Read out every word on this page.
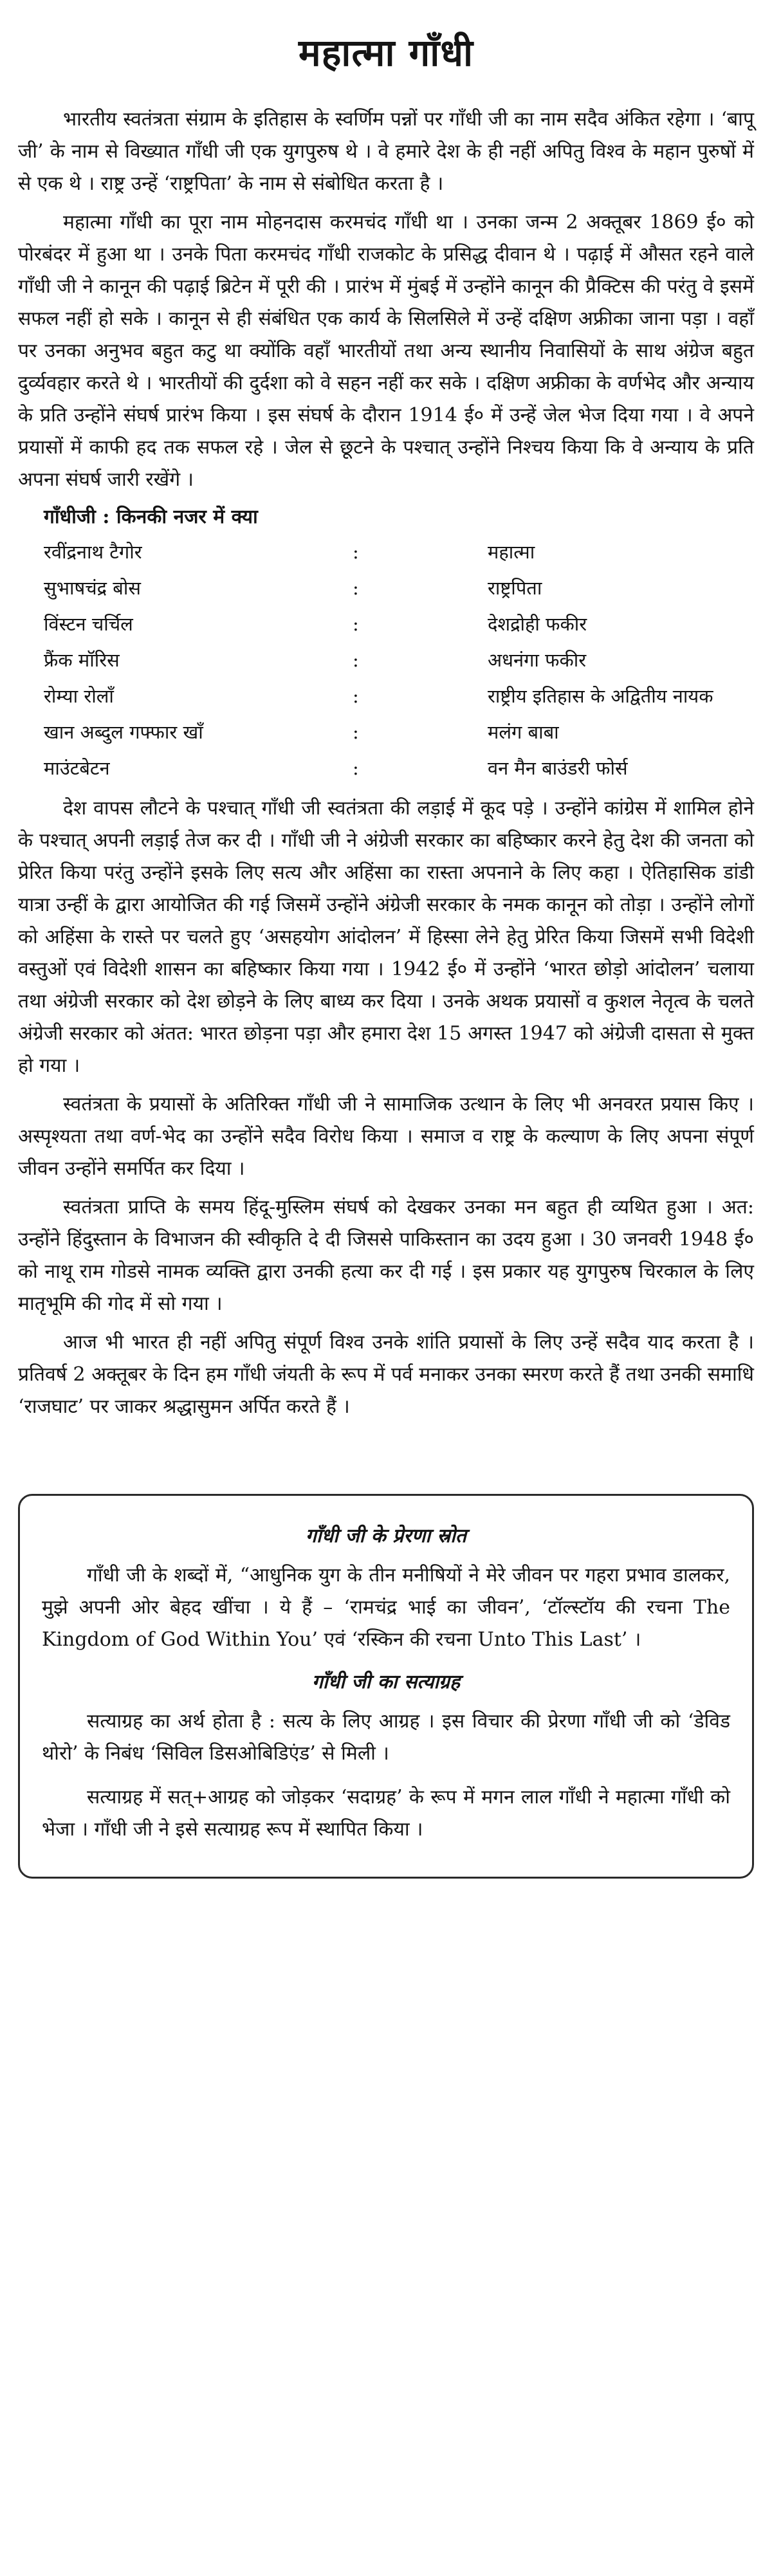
महात्मा गाँधी

भारतीय स्वतंत्रता संग्राम के इतिहास के स्वर्णिम पन्नों पर गाँधी जी का नाम सदैव अंकित रहेगा । ‘बापू जी’ के नाम से विख्यात गाँधी जी एक युगपुरुष थे । वे हमारे देश के ही नहीं अपितु विश्व के महान पुरुषों में से एक थे । राष्ट्र उन्हें ‘राष्ट्रपिता’ के नाम से संबोधित करता है ।

महात्मा गाँधी का पूरा नाम मोहनदास करमचंद गाँधी था । उनका जन्म 2 अक्तूबर 1869 ई० को पोरबंदर में हुआ था । उनके पिता करमचंद गाँधी राजकोट के प्रसिद्ध दीवान थे । पढ़ाई में औसत रहने वाले गाँधी जी ने कानून की पढ़ाई ब्रिटेन में पूरी की । प्रारंभ में मुंबई में उन्होंने कानून की प्रैक्टिस की परंतु वे इसमें सफल नहीं हो सके । कानून से ही संबंधित एक कार्य के सिलसिले में उन्हें दक्षिण अफ्रीका जाना पड़ा । वहाँ पर उनका अनुभव बहुत कटु था क्योंकि वहाँ भारतीयों तथा अन्य स्थानीय निवासियों के साथ अंग्रेज बहुत दुर्व्यवहार करते थे । भारतीयों की दुर्दशा को वे सहन नहीं कर सके । दक्षिण अफ्रीका के वर्णभेद और अन्याय के प्रति उन्होंने संघर्ष प्रारंभ किया । इस संघर्ष के दौरान 1914 ई० में उन्हें जेल भेज दिया गया । वे अपने प्रयासों में काफी हद तक सफल रहे । जेल से छूटने के पश्चात् उन्होंने निश्चय किया कि वे अन्याय के प्रति अपना संघर्ष जारी रखेंगे ।

गाँधीजी : किनकी नजर में क्या
रवींद्रनाथ टैगोर	:	महात्मा
सुभाषचंद्र बोस	:	राष्ट्रपिता
विंस्टन चर्चिल	:	देशद्रोही फकीर
फ्रैंक मॉरिस	:	अधनंगा फकीर
रोम्या रोलाँ	:	राष्ट्रीय इतिहास के अद्वितीय नायक
खान अब्दुल गफ्फार खाँ	:	मलंग बाबा
माउंटबेटन	:	वन मैन बाउंडरी फोर्स

देश वापस लौटने के पश्चात् गाँधी जी स्वतंत्रता की लड़ाई में कूद पड़े । उन्होंने कांग्रेस में शामिल होने के पश्चात् अपनी लड़ाई तेज कर दी । गाँधी जी ने अंग्रेजी सरकार का बहिष्कार करने हेतु देश की जनता को प्रेरित किया परंतु उन्होंने इसके लिए सत्य और अहिंसा का रास्ता अपनाने के लिए कहा । ऐतिहासिक डांडी यात्रा उन्हीं के द्वारा आयोजित की गई जिसमें उन्होंने अंग्रेजी सरकार के नमक कानून को तोड़ा । उन्होंने लोगों को अहिंसा के रास्ते पर चलते हुए ‘असहयोग आंदोलन’ में हिस्सा लेने हेतु प्रेरित किया जिसमें सभी विदेशी वस्तुओं एवं विदेशी शासन का बहिष्कार किया गया । 1942 ई० में उन्होंने ‘भारत छोड़ो आंदोलन’ चलाया तथा अंग्रेजी सरकार को देश छोड़ने के लिए बाध्य कर दिया । उनके अथक प्रयासों व कुशल नेतृत्व के चलते अंग्रेजी सरकार को अंतत: भारत छोड़ना पड़ा और हमारा देश 15 अगस्त 1947 को अंग्रेजी दासता से मुक्त हो गया ।

स्वतंत्रता के प्रयासों के अतिरिक्त गाँधी जी ने सामाजिक उत्थान के लिए भी अनवरत प्रयास किए । अस्पृश्यता तथा वर्ण-भेद का उन्होंने सदैव विरोध किया । समाज व राष्ट्र के कल्याण के लिए अपना संपूर्ण जीवन उन्होंने समर्पित कर दिया ।

स्वतंत्रता प्राप्ति के समय हिंदू-मुस्लिम संघर्ष को देखकर उनका मन बहुत ही व्यथित हुआ । अत: उन्होंने हिंदुस्तान के विभाजन की स्वीकृति दे दी जिससे पाकिस्तान का उदय हुआ । 30 जनवरी 1948 ई० को नाथू राम गोडसे नामक व्यक्ति द्वारा उनकी हत्या कर दी गई । इस प्रकार यह युगपुरुष चिरकाल के लिए मातृभूमि की गोद में सो गया ।

आज भी भारत ही नहीं अपितु संपूर्ण विश्व उनके शांति प्रयासों के लिए उन्हें सदैव याद करता है । प्रतिवर्ष 2 अक्तूबर के दिन हम गाँधी जंयती के रूप में पर्व मनाकर उनका स्मरण करते हैं तथा उनकी समाधि ‘राजघाट’ पर जाकर श्रद्धासुमन अर्पित करते हैं ।

गाँधी जी के प्रेरणा स्रोत

गाँधी जी के शब्दों में, “आधुनिक युग के तीन मनीषियों ने मेरे जीवन पर गहरा प्रभाव डालकर, मुझे अपनी ओर बेहद खींचा । ये हैं – ‘रामचंद्र भाई का जीवन’, ‘टॉल्स्टॉय की रचना The Kingdom of God Within You’ एवं ‘रस्किन की रचना Unto This Last’ ।

गाँधी जी का सत्याग्रह

सत्याग्रह का अर्थ होता है : सत्य के लिए आग्रह । इस विचार की प्रेरणा गाँधी जी को ‘डेविड थोरो’ के निबंध ‘सिविल डिसओबिडिएंड’ से मिली ।

सत्याग्रह में सत्+आग्रह को जोड़कर ‘सदाग्रह’ के रूप में मगन लाल गाँधी ने महात्मा गाँधी को भेजा । गाँधी जी ने इसे सत्याग्रह रूप में स्थापित किया ।
